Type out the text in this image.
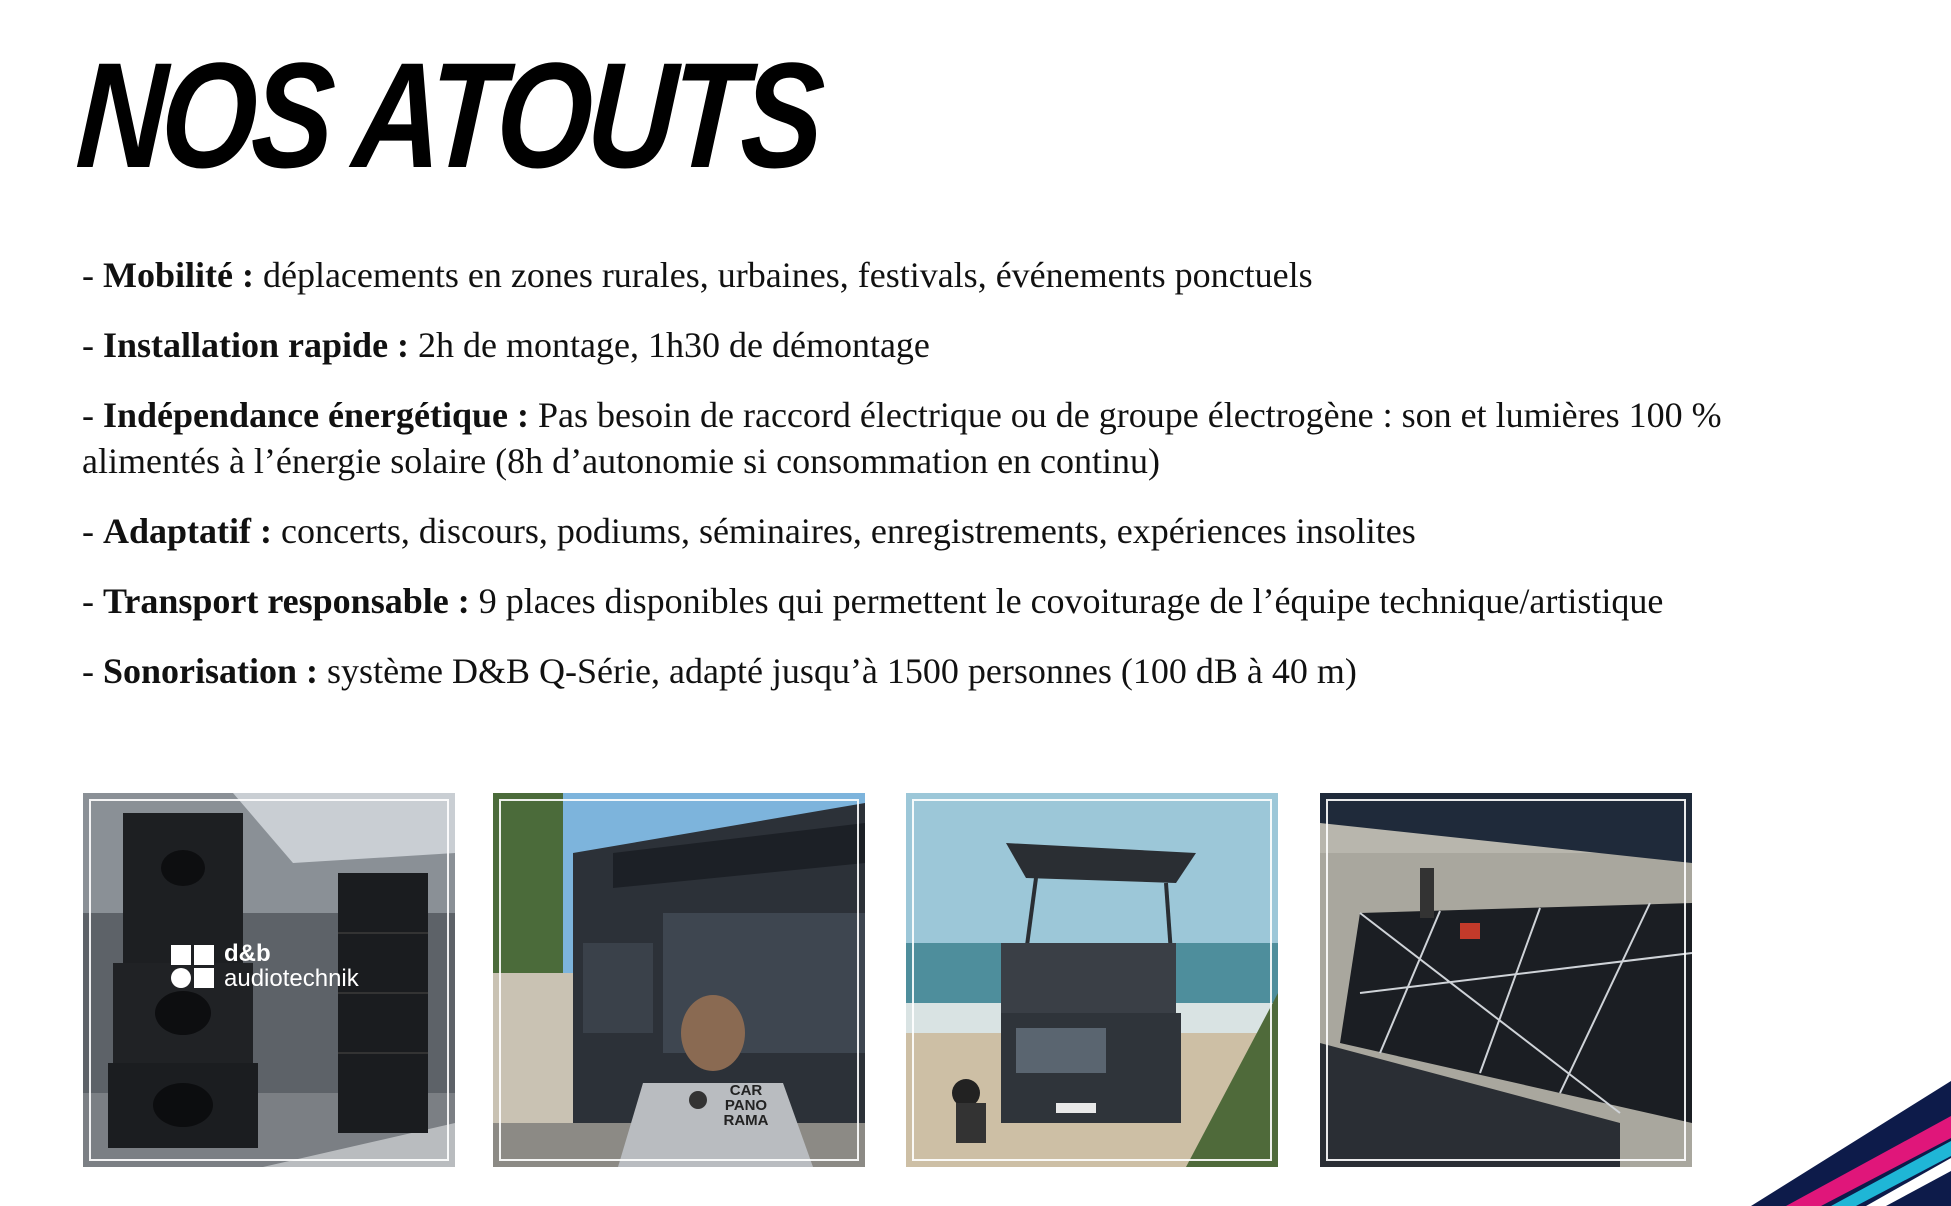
NOS ATOUTS
- Mobilité : déplacements en zones rurales, urbaines, festivals, événements ponctuels
- Installation rapide : 2h de montage, 1h30 de démontage
- Indépendance énergétique : Pas besoin de raccord électrique ou de groupe électrogène : son et lumières 100 % alimentés à l’énergie solaire (8h d’autonomie si consommation en continu)
- Adaptatif : concerts, discours, podiums, séminaires, enregistrements, expériences insolites
- Transport responsable : 9 places disponibles qui permettent le covoiturage de l’équipe technique/artistique
- Sonorisation : système D&B Q-Série, adapté jusqu’à 1500 personnes (100 dB à 40 m)
d&b
audiotechnik
CAR
PANO
RAMA
